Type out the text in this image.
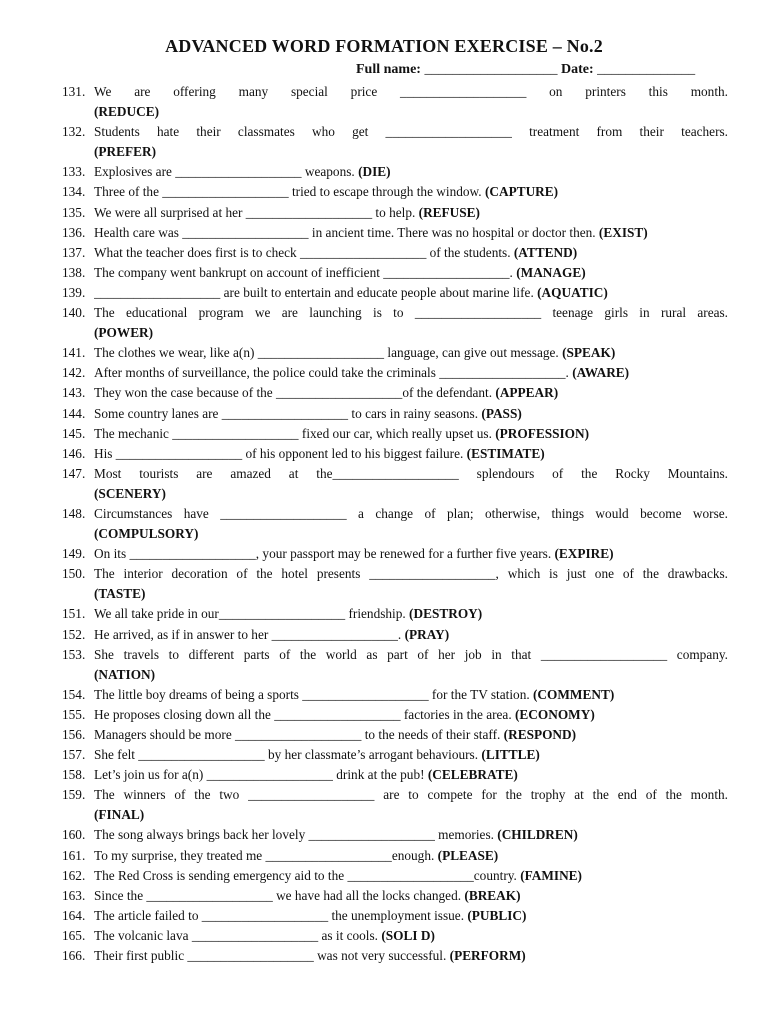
ADVANCED WORD FORMATION EXERCISE – No.2
Full name: ___________________ Date: ______________
131. We are offering many special price ___________________ on printers this month.
(REDUCE)
132. Students hate their classmates who get ___________________ treatment from their teachers.
(PREFER)
133. Explosives are ___________________ weapons. (DIE)
134. Three of the ___________________ tried to escape through the window. (CAPTURE)
135. We were all surprised at her ___________________ to help. (REFUSE)
136. Health care was ___________________ in ancient time. There was no hospital or doctor then. (EXIST)
137. What the teacher does first is to check ___________________ of the students. (ATTEND)
138. The company went bankrupt on account of inefficient ___________________. (MANAGE)
139. ___________________ are built to entertain and educate people about marine life. (AQUATIC)
140. The educational program we are launching is to ___________________ teenage girls in rural areas.
(POWER)
141. The clothes we wear, like a(n) ___________________ language, can give out message. (SPEAK)
142. After months of surveillance, the police could take the criminals ___________________. (AWARE)
143. They won the case because of the ___________________of the defendant. (APPEAR)
144. Some country lanes are ___________________ to cars in rainy seasons. (PASS)
145. The mechanic ___________________ fixed our car, which really upset us. (PROFESSION)
146. His ___________________ of his opponent led to his biggest failure. (ESTIMATE)
147. Most tourists are amazed at the___________________ splendours of the Rocky Mountains.
(SCENERY)
148. Circumstances have ___________________ a change of plan; otherwise, things would become worse.
(COMPULSORY)
149. On its ___________________, your passport may be renewed for a further five years. (EXPIRE)
150. The interior decoration of the hotel presents ___________________, which is just one of the drawbacks.
(TASTE)
151. We all take pride in our___________________ friendship. (DESTROY)
152. He arrived, as if in answer to her ___________________. (PRAY)
153. She travels to different parts of the world as part of her job in that ___________________ company.
(NATION)
154. The little boy dreams of being a sports ___________________ for the TV station. (COMMENT)
155. He proposes closing down all the ___________________ factories in the area. (ECONOMY)
156. Managers should be more ___________________ to the needs of their staff. (RESPOND)
157. She felt ___________________ by her classmate’s arrogant behaviours. (LITTLE)
158. Let’s join us for a(n) ___________________ drink at the pub! (CELEBRATE)
159. The winners of the two ___________________ are to compete for the trophy at the end of the month.
(FINAL)
160. The song always brings back her lovely ___________________ memories. (CHILDREN)
161. To my surprise, they treated me ___________________enough. (PLEASE)
162. The Red Cross is sending emergency aid to the ___________________country. (FAMINE)
163. Since the ___________________ we have had all the locks changed. (BREAK)
164. The article failed to ___________________ the unemployment issue. (PUBLIC)
165. The volcanic lava ___________________ as it cools. (SOLI D)
166. Their first public ___________________ was not very successful. (PERFORM)
